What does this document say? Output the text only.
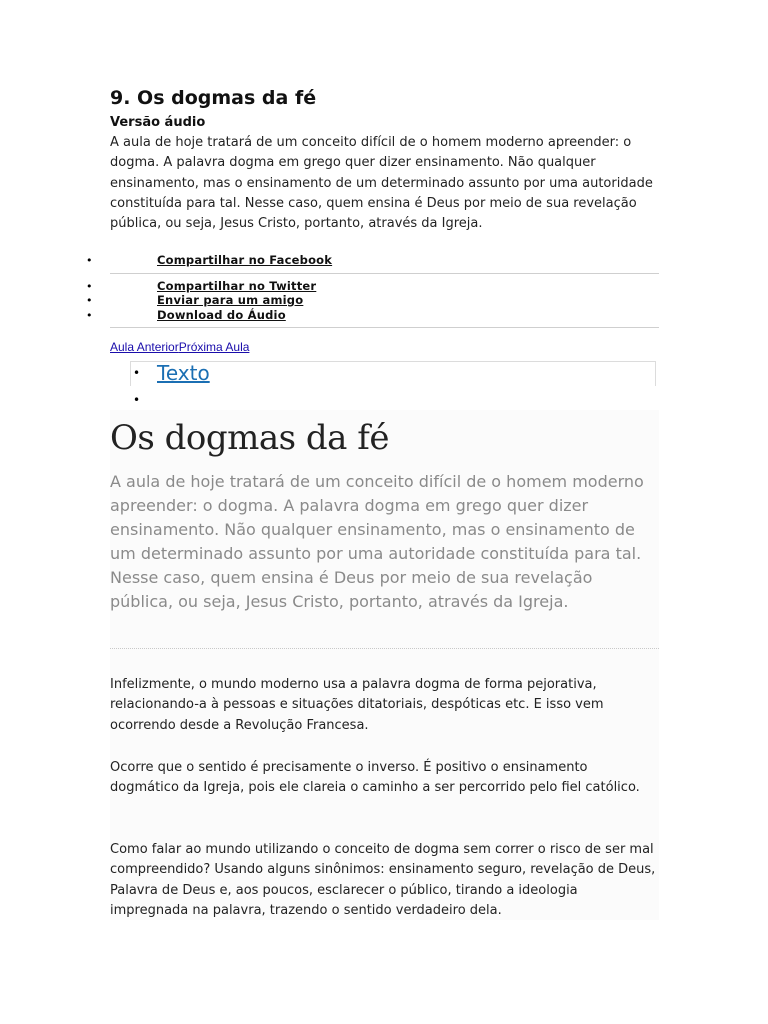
9. Os dogmas da fé
Versão áudio

A aula de hoje tratará de um conceito difícil de o homem moderno apreender: o dogma. A palavra dogma em grego quer dizer ensinamento. Não qualquer ensinamento, mas o ensinamento de um determinado assunto por uma autoridade constituída para tal. Nesse caso, quem ensina é Deus por meio de sua revelação pública, ou seja, Jesus Cristo, portanto, através da Igreja.

•	Compartilhar no Facebook
•	Compartilhar no Twitter
•	Enviar para um amigo
•	Download do Áudio
Aula AnteriorPróxima Aula
• Texto
•
Os dogmas da fé

A aula de hoje tratará de um conceito difícil de o homem moderno apreender: o dogma. A palavra dogma em grego quer dizer ensinamento. Não qualquer ensinamento, mas o ensinamento de um determinado assunto por uma autoridade constituída para tal. Nesse caso, quem ensina é Deus por meio de sua revelação pública, ou seja, Jesus Cristo, portanto, através da Igreja.

Infelizmente, o mundo moderno usa a palavra dogma de forma pejorativa, relacionando-a à pessoas e situações ditatoriais, despóticas etc. E isso vem ocorrendo desde a Revolução Francesa.

Ocorre que o sentido é precisamente o inverso. É positivo o ensinamento dogmático da Igreja, pois ele clareia o caminho a ser percorrido pelo fiel católico.

Como falar ao mundo utilizando o conceito de dogma sem correr o risco de ser mal compreendido? Usando alguns sinônimos: ensinamento seguro, revelação de Deus, Palavra de Deus e, aos poucos, esclarecer o público, tirando a ideologia impregnada na palavra, trazendo o sentido verdadeiro dela.
